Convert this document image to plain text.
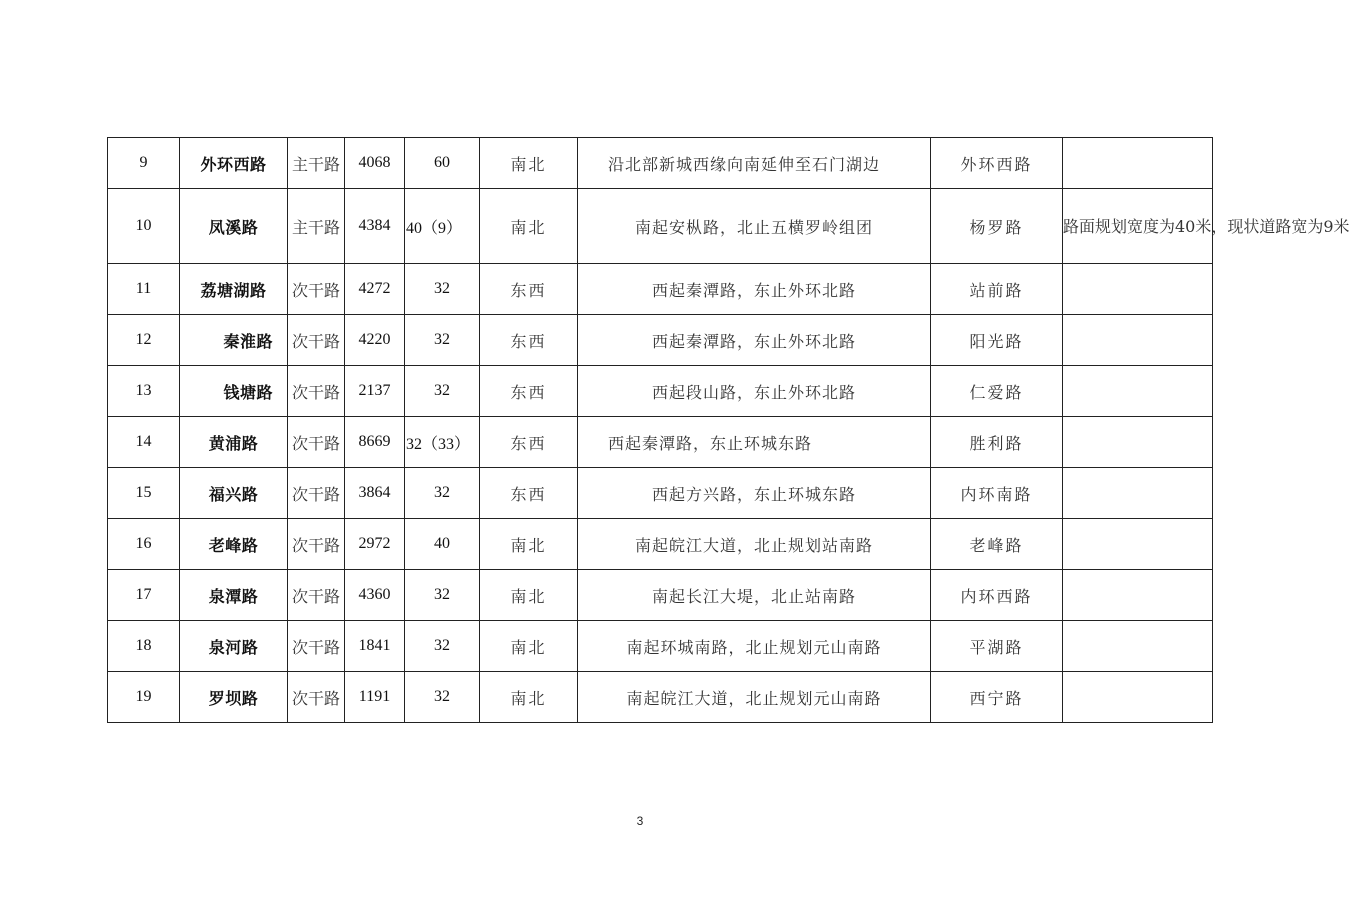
9	外环西路	主干路	4068	60	南北	沿北部新城西缘向南延伸至石门湖边	外环西路	
10	凤溪路	主干路	4384	40（9）	南北	南起安枞路，北止五横罗岭组团	杨罗路	路面规划宽度为40米，现状道路宽为9米
11	荔塘湖路	次干路	4272	32	东西	西起秦潭路，东止外环北路	站前路	
12	秦淮路	次干路	4220	32	东西	西起秦潭路，东止外环北路	阳光路	
13	钱塘路	次干路	2137	32	东西	西起段山路，东止外环北路	仁爱路	
14	黄浦路	次干路	8669	32（33）	东西	西起秦潭路，东止环城东路	胜利路	
15	福兴路	次干路	3864	32	东西	西起方兴路，东止环城东路	内环南路	
16	老峰路	次干路	2972	40	南北	南起皖江大道，北止规划站南路	老峰路	
17	泉潭路	次干路	4360	32	南北	南起长江大堤，北止站南路	内环西路	
18	泉河路	次干路	1841	32	南北	南起环城南路，北止规划元山南路	平湖路	
19	罗坝路	次干路	1191	32	南北	南起皖江大道，北止规划元山南路	西宁路	
3
